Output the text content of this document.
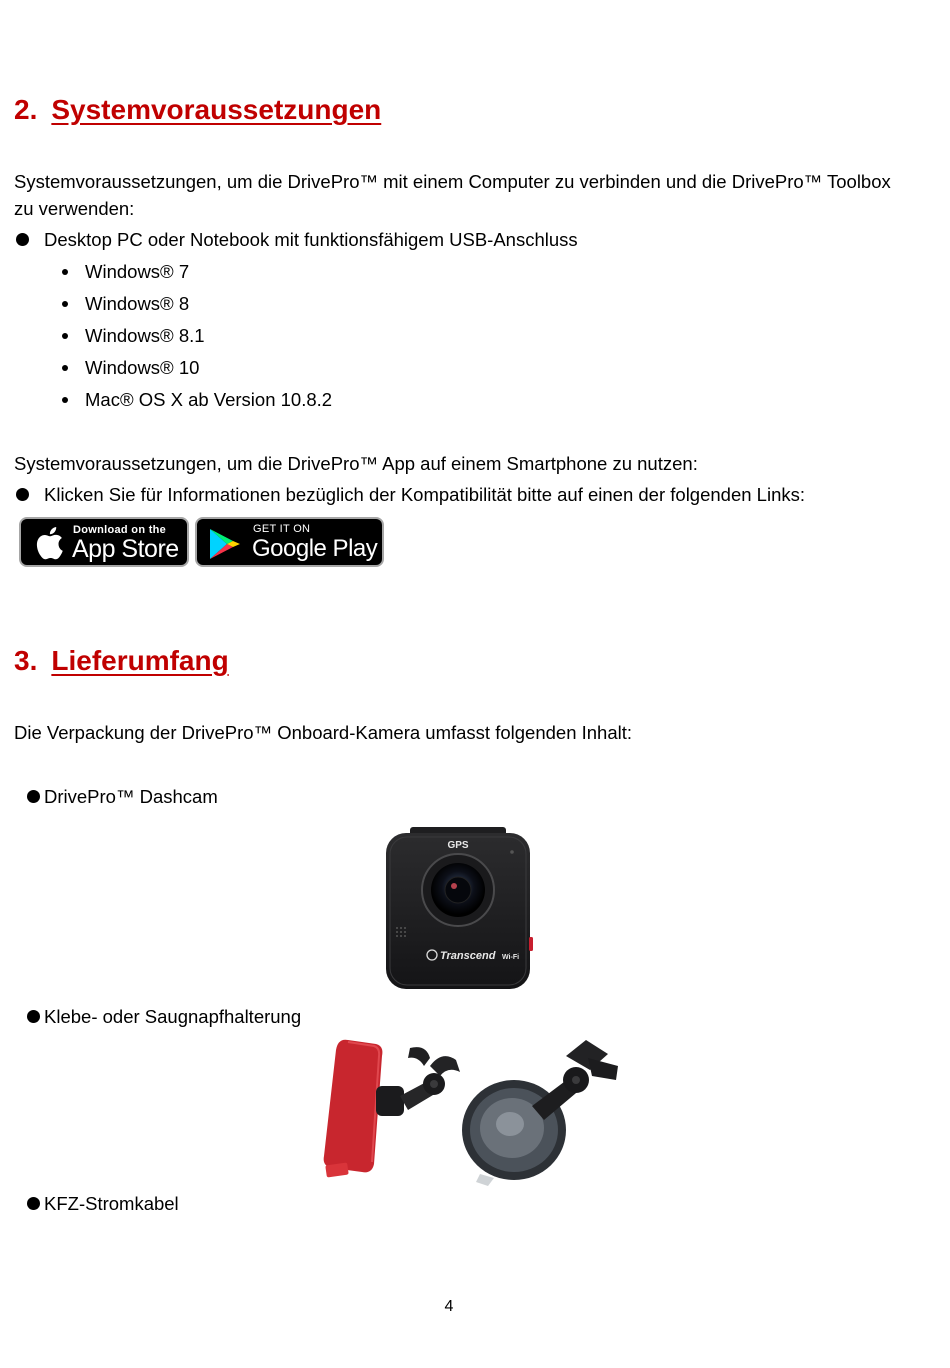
2. Systemvoraussetzungen

Systemvoraussetzungen, um die DrivePro™ mit einem Computer zu verbinden und die DrivePro™ Toolbox zu verwenden:

Desktop PC oder Notebook mit funktionsfähigem USB-Anschluss
Windows® 7
Windows® 8
Windows® 8.1
Windows® 10
Mac® OS X ab Version 10.8.2

Systemvoraussetzungen, um die DrivePro™ App auf einem Smartphone zu nutzen:

Klicken Sie für Informationen bezüglich der Kompatibilität bitte auf einen der folgenden Links:
Download on the
App Store
GET IT ON
Google Play
3. Lieferumfang

Die Verpackung der DrivePro™ Onboard-Kamera umfasst folgenden Inhalt:

DrivePro™ Dashcam
GPS
Transcend Wi-Fi
Klebe- oder Saugnapfhalterung
KFZ-Stromkabel
4
